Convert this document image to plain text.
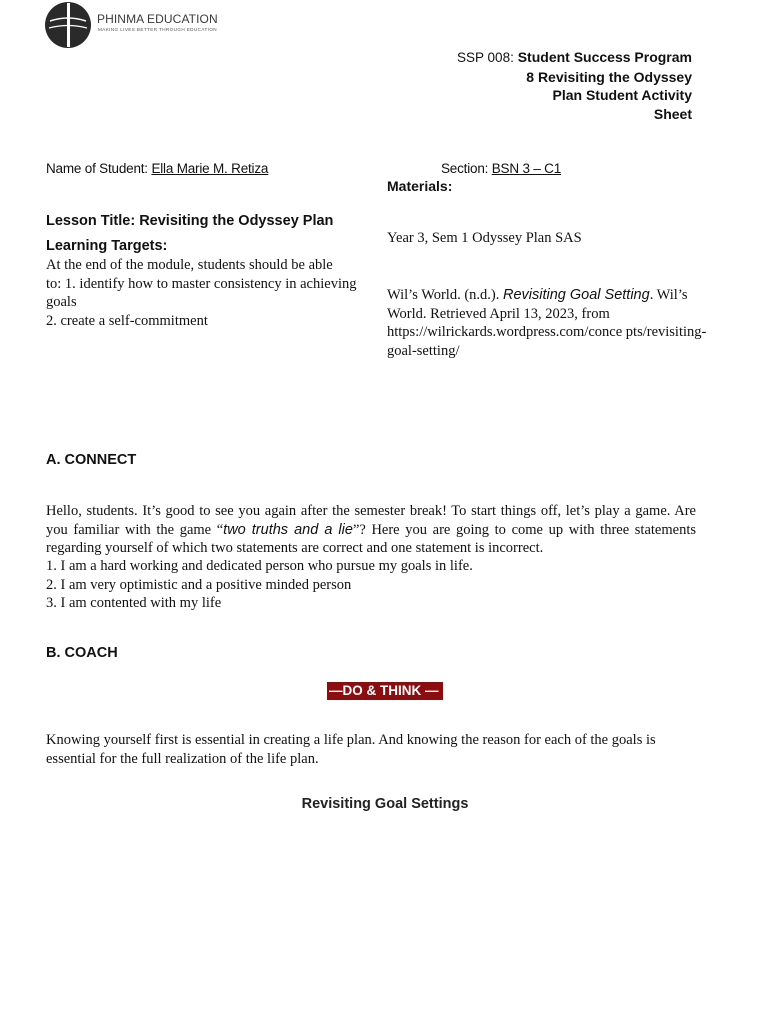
PHINMA EDUCATION
MAKING LIVES BETTER THROUGH EDUCATION
SSP 008: Student Success Program
8 Revisiting the Odyssey
Plan Student Activity
Sheet
Name of Student: Ella Marie M. Retiza	Section: BSN 3 – C1
Materials:
Year 3, Sem 1 Odyssey Plan SAS
Wil’s World. (n.d.). Revisiting Goal Setting. Wil’s World. Retrieved April 13, 2023, from https://wilrickards.wordpress.com/conce pts/revisiting-goal-setting/
Lesson Title: Revisiting the Odyssey Plan
Learning Targets:
At the end of the module, students should be able
to: 1. identify how to master consistency in achieving
goals
2. create a self-commitment
A. CONNECT
Hello, students. It’s good to see you again after the semester break! To start things off, let’s play a game. Are you familiar with the game “two truths and a lie”? Here you are going to come up with three statements regarding yourself of which two statements are correct and one statement is incorrect.
1. I am a hard working and dedicated person who pursue my goals in life.
2. I am very optimistic and a positive minded person
3. I am contented with my life
B. COACH
—DO & THINK —
Knowing yourself first is essential in creating a life plan. And knowing the reason for each of the goals is essential for the full realization of the life plan.
Revisiting Goal Settings
